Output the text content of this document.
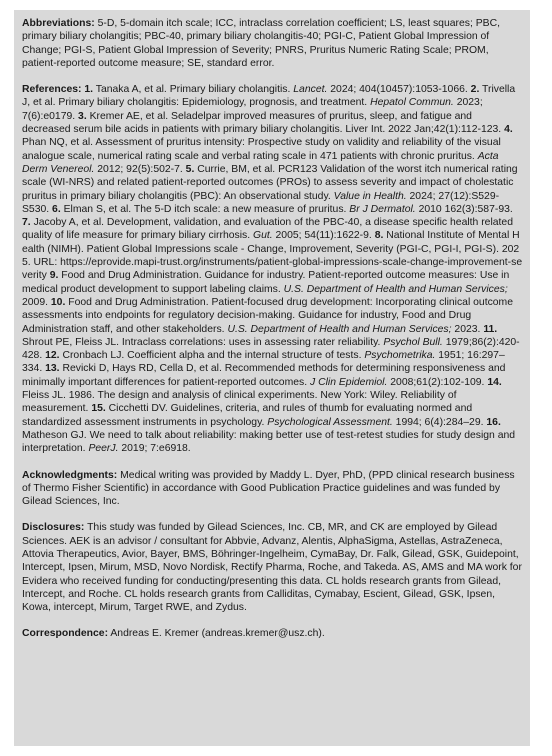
Abbreviations: 5-D, 5-domain itch scale; ICC, intraclass correlation coefficient; LS, least squares; PBC, primary biliary cholangitis; PBC-40, primary biliary cholangitis-40; PGI-C, Patient Global Impression of Change; PGI-S, Patient Global Impression of Severity; PNRS, Pruritus Numeric Rating Scale; PROM, patient-reported outcome measure; SE, standard error.

References: 1. Tanaka A, et al. Primary biliary cholangitis. Lancet. 2024; 404(10457):1053-1066. 2. Trivella J, et al. Primary biliary cholangitis: Epidemiology, prognosis, and treatment. Hepatol Commun. 2023; 7(6):e0179. 3. Kremer AE, et al. Seladelpar improved measures of pruritus, sleep, and fatigue and decreased serum bile acids in patients with primary biliary cholangitis. Liver Int. 2022 Jan;42(1):112-123. 4. Phan NQ, et al. Assessment of pruritus intensity: Prospective study on validity and reliability of the visual analogue scale, numerical rating scale and verbal rating scale in 471 patients with chronic pruritus. Acta Derm Venereol. 2012; 92(5):502-7. 5. Currie, BM, et al. PCR123 Validation of the worst itch numerical rating scale (WI-NRS) and related patient-reported outcomes (PROs) to assess severity and impact of cholestatic pruritus in primary biliary cholangitis (PBC): An observational study. Value in Health. 2024; 27(12):S529-S530. 6. Elman S, et al. The 5-D itch scale: a new measure of pruritus. Br J Dermatol. 2010 162(3):587-93. 7. Jacoby A, et al. Development, validation, and evaluation of the PBC-40, a disease specific health related quality of life measure for primary biliary cirrhosis. Gut. 2005; 54(11):1622-9. 8. National Institute of Mental Health (NIMH). Patient Global Impressions scale - Change, Improvement, Severity (PGI-C, PGI-I, PGI-S). 2025. URL: https://eprovide.mapi-trust.org/instruments/patient-global-impressions-scale-change-improvement-severity 9. Food and Drug Administration. Guidance for industry. Patient-reported outcome measures: Use in medical product development to support labeling claims. U.S. Department of Health and Human Services; 2009. 10. Food and Drug Administration. Patient-focused drug development: Incorporating clinical outcome assessments into endpoints for regulatory decision-making. Guidance for industry, Food and Drug Administration staff, and other stakeholders. U.S. Department of Health and Human Services; 2023. 11. Shrout PE, Fleiss JL. Intraclass correlations: uses in assessing rater reliability. Psychol Bull. 1979;86(2):420-428. 12. Cronbach LJ. Coefficient alpha and the internal structure of tests. Psychometrika. 1951; 16:297–334. 13. Revicki D, Hays RD, Cella D, et al. Recommended methods for determining responsiveness and minimally important differences for patient-reported outcomes. J Clin Epidemiol. 2008;61(2):102-109. 14. Fleiss JL. 1986. The design and analysis of clinical experiments. New York: Wiley. Reliability of measurement. 15. Cicchetti DV. Guidelines, criteria, and rules of thumb for evaluating normed and standardized assessment instruments in psychology. Psychological Assessment. 1994; 6(4):284–29. 16. Matheson GJ. We need to talk about reliability: making better use of test-retest studies for study design and interpretation. PeerJ. 2019; 7:e6918.

Acknowledgments: Medical writing was provided by Maddy L. Dyer, PhD, (PPD clinical research business of Thermo Fisher Scientific) in accordance with Good Publication Practice guidelines and was funded by Gilead Sciences, Inc.

Disclosures: This study was funded by Gilead Sciences, Inc. CB, MR, and CK are employed by Gilead Sciences. AEK is an advisor / consultant for Abbvie, Advanz, Alentis, AlphaSigma, Astellas, AstraZeneca, Attovia Therapeutics, Avior, Bayer, BMS, Böhringer-Ingelheim, CymaBay, Dr. Falk, Gilead, GSK, Guidepoint, Intercept, Ipsen, Mirum, MSD, Novo Nordisk, Rectify Pharma, Roche, and Takeda. AS, AMS and MA work for Evidera who received funding for conducting/presenting this data. CL holds research grants from Gilead, Intercept, and Roche. CL holds research grants from Calliditas, Cymabay, Escient, Gilead, GSK, Ipsen, Kowa, intercept, Mirum, Target RWE, and Zydus.

Correspondence: Andreas E. Kremer (andreas.kremer@usz.ch).
